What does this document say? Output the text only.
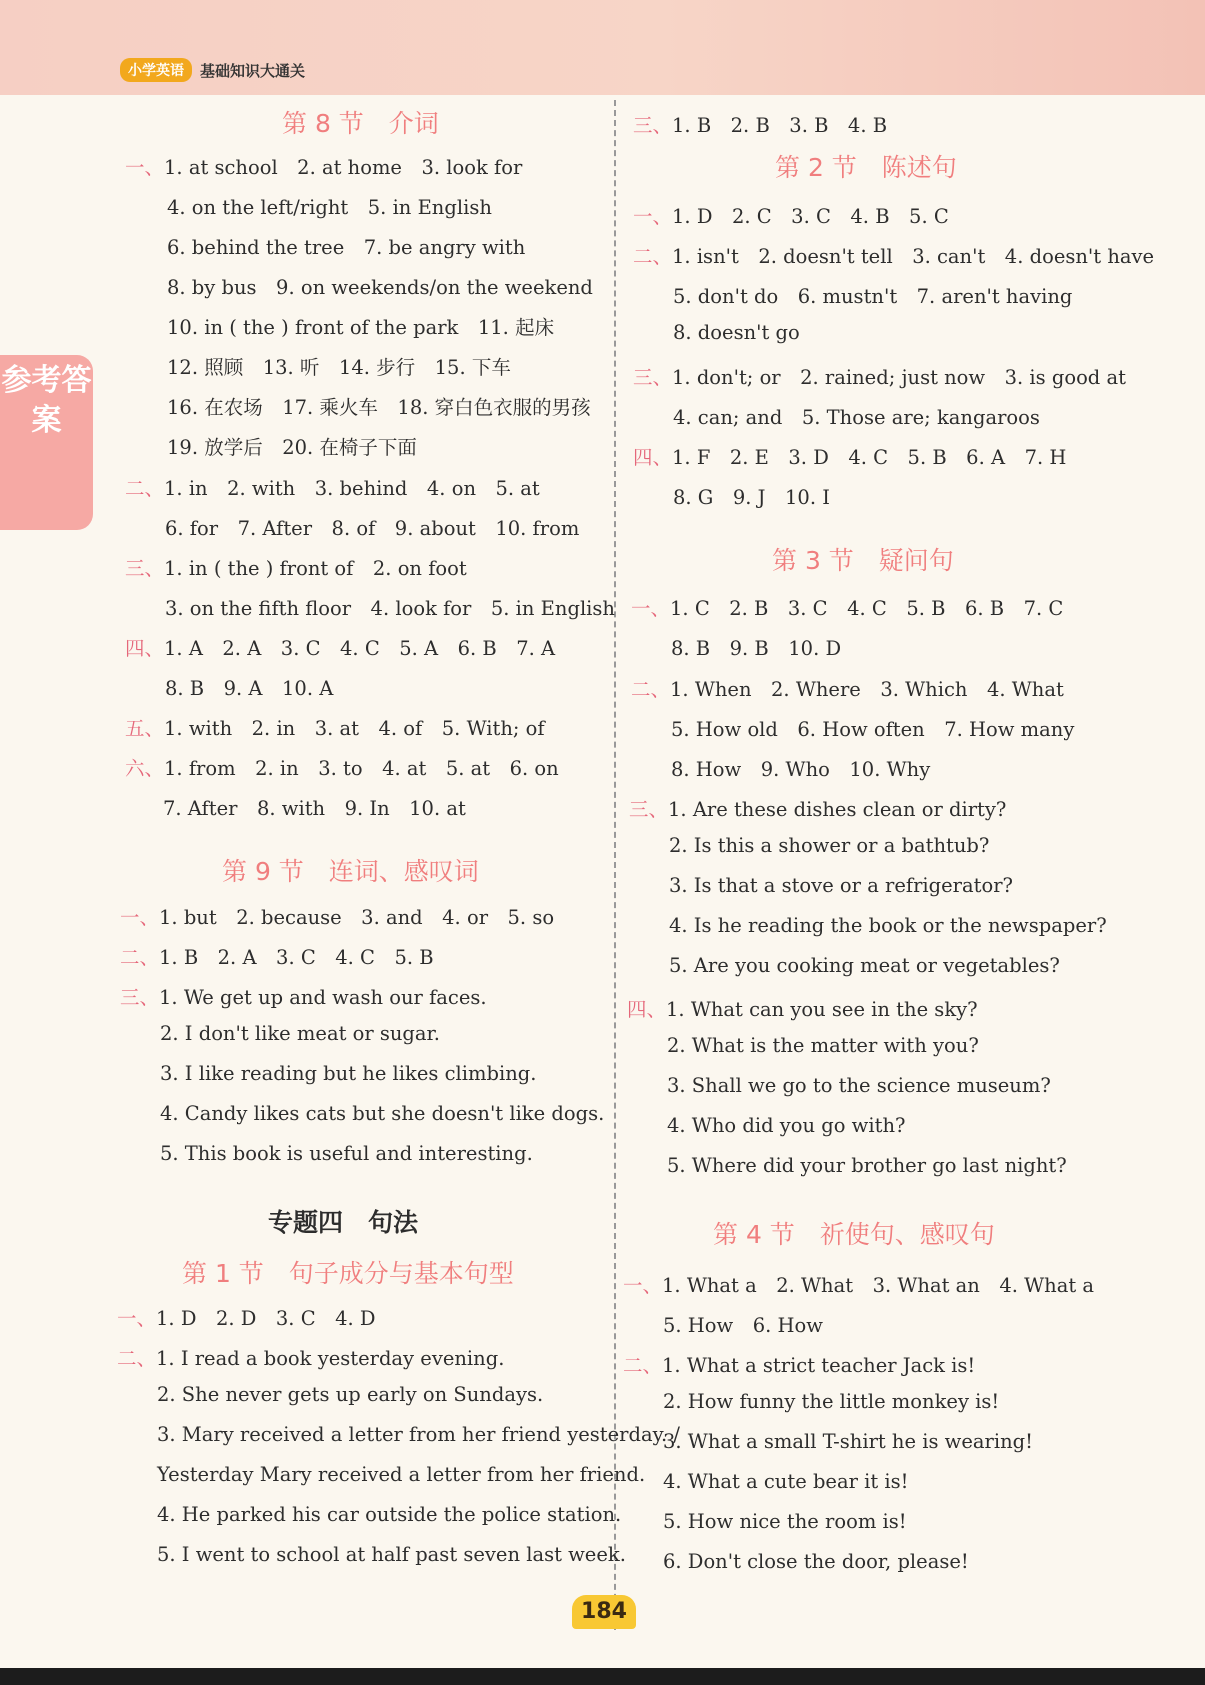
小学英语	基础知识大通关
参考答案
第 8 节　介词
一、1. at school　2. at home　3. look for
4. on the left/right　5. in English
6. behind the tree　7. be angry with
8. by bus　9. on weekends/on the weekend
10. in ( the ) front of the park　11. 起床
12. 照顾　13. 听　14. 步行　15. 下车
16. 在农场　17. 乘火车　18. 穿白色衣服的男孩
19. 放学后　20. 在椅子下面
二、1. in　2. with　3. behind　4. on　5. at
6. for　7. After　8. of　9. about　10. from
三、1. in ( the ) front of　2. on foot
3. on the fifth floor　4. look for　5. in English
四、1. A　2. A　3. C　4. C　5. A　6. B　7. A
8. B　9. A　10. A
五、1. with　2. in　3. at　4. of　5. With; of
六、1. from　2. in　3. to　4. at　5. at　6. on
7. After　8. with　9. In　10. at
第 9 节　连词、感叹词
一、1. but　2. because　3. and　4. or　5. so
二、1. B　2. A　3. C　4. C　5. B
三、1. We get up and wash our faces.
2. I don't like meat or sugar.
3. I like reading but he likes climbing.
4. Candy likes cats but she doesn't like dogs.
5. This book is useful and interesting.
专题四　句法
第 1 节　句子成分与基本句型
一、1. D　2. D　3. C　4. D
二、1. I read a book yesterday evening.
2. She never gets up early on Sundays.
3. Mary received a letter from her friend yesterday. /
Yesterday Mary received a letter from her friend.
4. He parked his car outside the police station.
5. I went to school at half past seven last week.
三、1. B　2. B　3. B　4. B
第 2 节　陈述句
一、1. D　2. C　3. C　4. B　5. C
二、1. isn't　2. doesn't tell　3. can't　4. doesn't have
5. don't do　6. mustn't　7. aren't having
8. doesn't go
三、1. don't; or　2. rained; just now　3. is good at
4. can; and　5. Those are; kangaroos
四、1. F　2. E　3. D　4. C　5. B　6. A　7. H
8. G　9. J　10. I
第 3 节　疑问句
一、1. C　2. B　3. C　4. C　5. B　6. B　7. C
8. B　9. B　10. D
二、1. When　2. Where　3. Which　4. What
5. How old　6. How often　7. How many
8. How　9. Who　10. Why
三、1. Are these dishes clean or dirty?
2. Is this a shower or a bathtub?
3. Is that a stove or a refrigerator?
4. Is he reading the book or the newspaper?
5. Are you cooking meat or vegetables?
四、1. What can you see in the sky?
2. What is the matter with you?
3. Shall we go to the science museum?
4. Who did you go with?
5. Where did your brother go last night?
第 4 节　祈使句、感叹句
一、1. What a　2. What　3. What an　4. What a
5. How　6. How
二、1. What a strict teacher Jack is!
2. How funny the little monkey is!
3. What a small T-shirt he is wearing!
4. What a cute bear it is!
5. How nice the room is!
6. Don't close the door, please!
184
